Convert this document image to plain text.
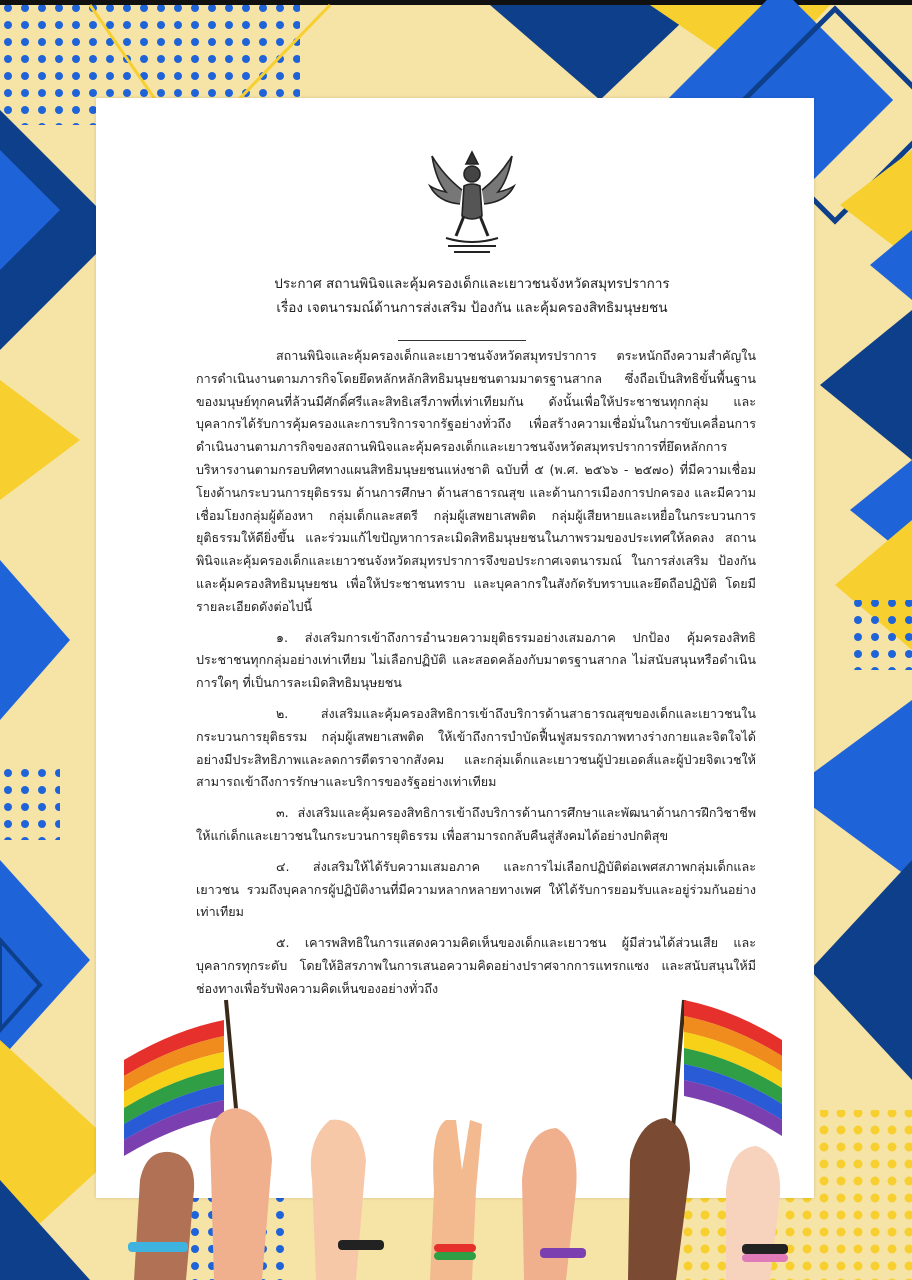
ประกาศ สถานพินิจและคุ้มครองเด็กและเยาวชนจังหวัดสมุทรปราการ
เรื่อง เจตนารมณ์ด้านการส่งเสริม ป้องกัน และคุ้มครองสิทธิมนุษยชน

สถานพินิจและคุ้มครองเด็กและเยาวชนจังหวัดสมุทรปราการ ตระหนักถึงความสำคัญในการดำเนินงานตามภารกิจโดยยึดหลักหลักสิทธิมนุษยชนตามมาตรฐานสากล ซึ่งถือเป็นสิทธิขั้นพื้นฐานของมนุษย์ทุกคนที่ล้วนมีศักดิ์ศรีและสิทธิเสรีภาพที่เท่าเทียมกัน ดังนั้นเพื่อให้ประชาชนทุกกลุ่ม และบุคลากรได้รับการคุ้มครองและการบริการจากรัฐอย่างทั่วถึง เพื่อสร้างความเชื่อมั่นในการขับเคลื่อนการดำเนินงานตามภารกิจของสถานพินิจและคุ้มครองเด็กและเยาวชนจังหวัดสมุทรปราการที่ยึดหลักการบริหารงานตามกรอบทิศทางแผนสิทธิมนุษยชนแห่งชาติ ฉบับที่ ๕ (พ.ศ. ๒๕๖๖ - ๒๕๗๐) ที่มีความเชื่อมโยงด้านกระบวนการยุติธรรม ด้านการศึกษา ด้านสาธารณสุข และด้านการเมืองการปกครอง และมีความเชื่อมโยงกลุ่มผู้ต้องหา กลุ่มเด็กและสตรี กลุ่มผู้เสพยาเสพติด กลุ่มผู้เสียหายและเหยื่อในกระบวนการยุติธรรมให้ดียิ่งขึ้น และร่วมแก้ไขปัญหาการละเมิดสิทธิมนุษยชนในภาพรวมของประเทศให้ลดลง สถานพินิจและคุ้มครองเด็กและเยาวชนจังหวัดสมุทรปราการจึงขอประกาศเจตนารมณ์ ในการส่งเสริม ป้องกัน และคุ้มครองสิทธิมนุษยชน เพื่อให้ประชาชนทราบ และบุคลากรในสังกัดรับทราบและยึดถือปฏิบัติ โดยมีรายละเอียดดังต่อไปนี้

๑. ส่งเสริมการเข้าถึงการอำนวยความยุติธรรมอย่างเสมอภาค ปกป้อง คุ้มครองสิทธิประชาชนทุกกลุ่มอย่างเท่าเทียม ไม่เลือกปฏิบัติ และสอดคล้องกับมาตรฐานสากล ไม่สนับสนุนหรือดำเนินการใดๆ ที่เป็นการละเมิดสิทธิมนุษยชน

๒. ส่งเสริมและคุ้มครองสิทธิการเข้าถึงบริการด้านสาธารณสุขของเด็กและเยาวชนในกระบวนการยุติธรรม กลุ่มผู้เสพยาเสพติด ให้เข้าถึงการบำบัดฟื้นฟูสมรรถภาพทางร่างกายและจิตใจได้อย่างมีประสิทธิภาพและลดการตีตราจากสังคม และกลุ่มเด็กและเยาวชนผู้ป่วยเอดส์และผู้ป่วยจิตเวชให้สามารถเข้าถึงการรักษาและบริการของรัฐอย่างเท่าเทียม

๓. ส่งเสริมและคุ้มครองสิทธิการเข้าถึงบริการด้านการศึกษาและพัฒนาด้านการฝึกวิชาชีพให้แก่เด็กและเยาวชนในกระบวนการยุติธรรม เพื่อสามารถกลับคืนสู่สังคมได้อย่างปกติสุข

๔. ส่งเสริมให้ได้รับความเสมอภาค และการไม่เลือกปฏิบัติต่อเพศสภาพกลุ่มเด็กและเยาวชน รวมถึงบุคลากรผู้ปฏิบัติงานที่มีความหลากหลายทางเพศ ให้ได้รับการยอมรับและอยู่ร่วมกันอย่างเท่าเทียม

๕. เคารพสิทธิในการแสดงความคิดเห็นของเด็กและเยาวชน ผู้มีส่วนได้ส่วนเสีย และบุคลากรทุกระดับ โดยให้อิสรภาพในการเสนอความคิดอย่างปราศจากการแทรกแซง และสนับสนุนให้มีช่องทางเพื่อรับฟังความคิดเห็นของอย่างทั่วถึง
